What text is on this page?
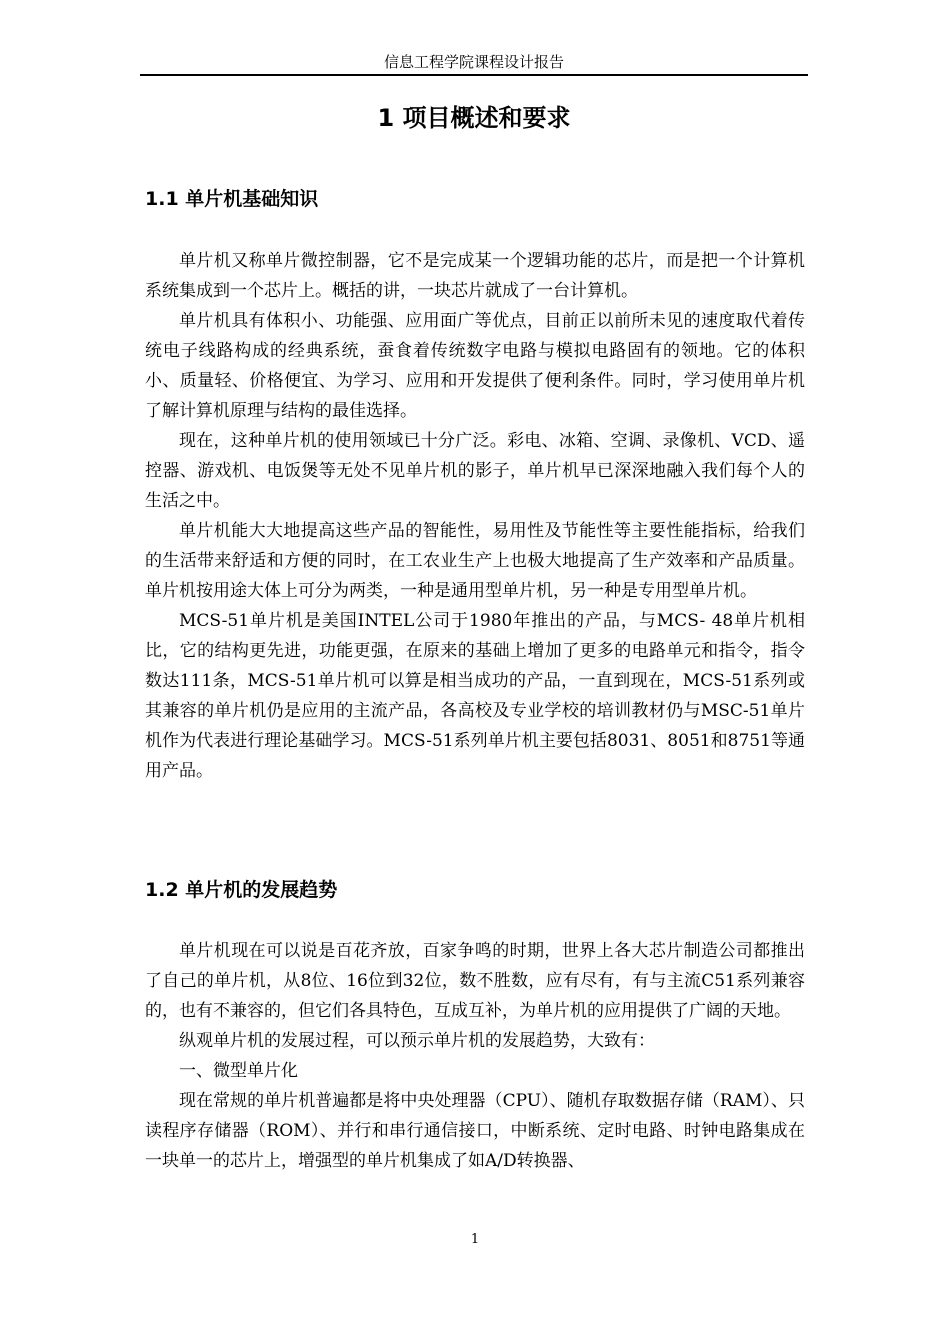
信息工程学院课程设计报告
1 项目概述和要求
1.1 单片机基础知识

单片机又称单片微控制器，它不是完成某一个逻辑功能的芯片，而是把一个计算机系统集成到一个芯片上。概括的讲，一块芯片就成了一台计算机。

单片机具有体积小、功能强、应用面广等优点，目前正以前所未见的速度取代着传统电子线路构成的经典系统，蚕食着传统数字电路与模拟电路固有的领地。它的体积小、质量轻、价格便宜、为学习、应用和开发提供了便利条件。同时，学习使用单片机了解计算机原理与结构的最佳选择。

现在，这种单片机的使用领域已十分广泛。彩电、冰箱、空调、录像机、VCD、遥控器、游戏机、电饭煲等无处不见单片机的影子，单片机早已深深地融入我们每个人的生活之中。

单片机能大大地提高这些产品的智能性，易用性及节能性等主要性能指标，给我们的生活带来舒适和方便的同时，在工农业生产上也极大地提高了生产效率和产品质量。单片机按用途大体上可分为两类，一种是通用型单片机，另一种是专用型单片机。

MCS-51单片机是美国INTEL公司于1980年推出的产品，与MCS- 48单片机相比，它的结构更先进，功能更强，在原来的基础上增加了更多的电路单元和指令，指令数达111条，MCS-51单片机可以算是相当成功的产品，一直到现在，MCS-51系列或其兼容的单片机仍是应用的主流产品，各高校及专业学校的培训教材仍与MSC-51单片机作为代表进行理论基础学习。MCS-51系列单片机主要包括8031、8051和8751等通用产品。

1.2 单片机的发展趋势

单片机现在可以说是百花齐放，百家争鸣的时期，世界上各大芯片制造公司都推出了自己的单片机，从8位、16位到32位，数不胜数，应有尽有，有与主流C51系列兼容的，也有不兼容的，但它们各具特色，互成互补，为单片机的应用提供了广阔的天地。

纵观单片机的发展过程，可以预示单片机的发展趋势，大致有：

一、微型单片化

现在常规的单片机普遍都是将中央处理器（CPU）、随机存取数据存储（RAM）、只读程序存储器（ROM）、并行和串行通信接口，中断系统、定时电路、时钟电路集成在一块单一的芯片上，增强型的单片机集成了如A/D转换器、

1
